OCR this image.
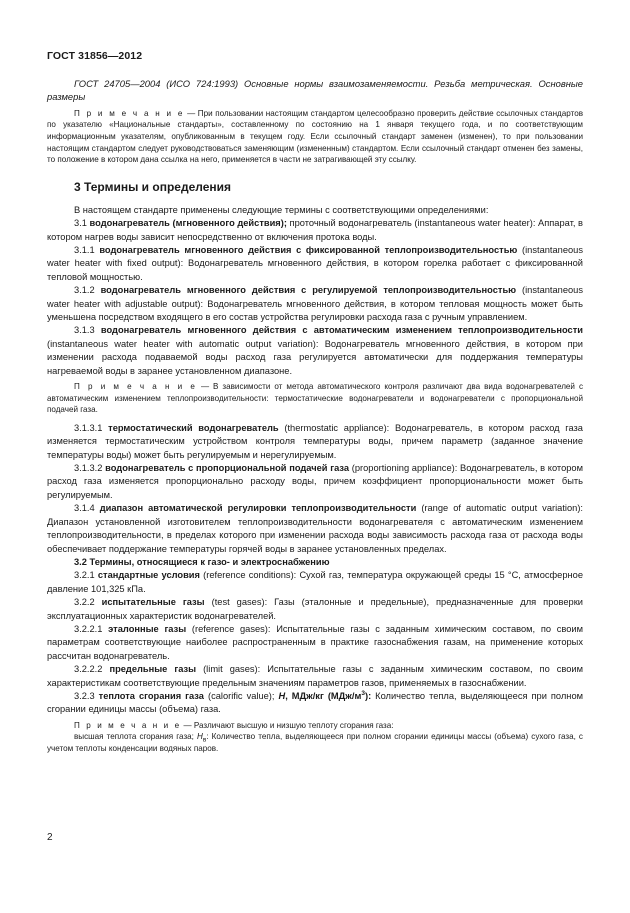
ГОСТ 31856—2012

ГОСТ 24705—2004 (ИСО 724:1993) Основные нормы взаимозаменяемости. Резьба метрическая. Основные размеры

П р и м е ч а н и е — При пользовании настоящим стандартом целесообразно проверить действие ссылочных стандартов по указателю «Национальные стандарты», составленному по состоянию на 1 января текущего года, и по соответствующим информационным указателям, опубликованным в текущем году. Если ссылочный стандарт заменен (изменен), то при пользовании настоящим стандартом следует руководствоваться заменяющим (измененным) стандартом. Если ссылочный стандарт отменен без замены, то положение в котором дана ссылка на него, применяется в части не затрагивающей эту ссылку.

3 Термины и определения

В настоящем стандарте применены следующие термины с соответствующими определениями:

3.1 водонагреватель (мгновенного действия); проточный водонагреватель (instantaneous water heater): Аппарат, в котором нагрев воды зависит непосредственно от включения протока воды.

3.1.1 водонагреватель мгновенного действия с фиксированной теплопроизводительностью (instantaneous water heater with fixed output): Водонагреватель мгновенного действия, в котором горелка работает с фиксированной тепловой мощностью.

3.1.2 водонагреватель мгновенного действия с регулируемой теплопроизводительностью (instantaneous water heater with adjustable output): Водонагреватель мгновенного действия, в котором тепловая мощность может быть уменьшена посредством входящего в его состав устройства регулировки расхода газа с ручным управлением.

3.1.3 водонагреватель мгновенного действия с автоматическим изменением теплопроизводительности (instantaneous water heater with automatic output variation): Водонагреватель мгновенного действия, в котором при изменении расхода подаваемой воды расход газа регулируется автоматически для поддержания температуры нагреваемой воды в заранее установленном диапазоне.

П р и м е ч а н и е — В зависимости от метода автоматического контроля различают два вида водонагревателей с автоматическим изменением теплопроизводительности: термостатические водонагреватели и водонагреватели с пропорциональной подачей газа.

3.1.3.1 термостатический водонагреватель (thermostatic appliance): Водонагреватель, в котором расход газа изменяется термостатическим устройством контроля температуры воды, причем параметр (заданное значение температуры воды) может быть регулируемым и нерегулируемым.

3.1.3.2 водонагреватель с пропорциональной подачей газа (proportioning appliance): Водонагреватель, в котором расход газа изменяется пропорционально расходу воды, причем коэффициент пропорциональности может быть регулируемым.

3.1.4 диапазон автоматической регулировки теплопроизводительности (range of automatic output variation): Диапазон установленной изготовителем теплопроизводительности водонагревателя с автоматическим изменением теплопроизводительности, в пределах которого при изменении расхода воды зависимость расхода газа от расхода воды обеспечивает поддержание температуры горячей воды в заранее установленных пределах.

3.2 Термины, относящиеся к газо- и электроснабжению

3.2.1 стандартные условия (reference conditions): Сухой газ, температура окружающей среды 15 °С, атмосферное давление 101,325 кПа.

3.2.2 испытательные газы (test gases): Газы (эталонные и предельные), предназначенные для проверки эксплуатационных характеристик водонагревателей.

3.2.2.1 эталонные газы (reference gases): Испытательные газы с заданным химическим составом, по своим параметрам соответствующие наиболее распространенным в практике газоснабжения газам, на применение которых рассчитан водонагреватель.

3.2.2.2 предельные газы (limit gases): Испытательные газы с заданным химическим составом, по своим характеристикам соответствующие предельным значениям параметров газов, применяемых в газоснабжении.

3.2.3 теплота сгорания газа (calorific value); H, МДж/кг $(МДж/м^3)$: Количество тепла, выделяющееся при полном сгорании единицы массы (объема) газа.

П р и м е ч а н и е — Различают высшую и низшую теплоту сгорания газа:

высшая теплота сгорания газа; $H_в$: Количество тепла, выделяющееся при полном сгорании единицы массы (объема) сухого газа, с учетом теплоты конденсации водяных паров.

2
